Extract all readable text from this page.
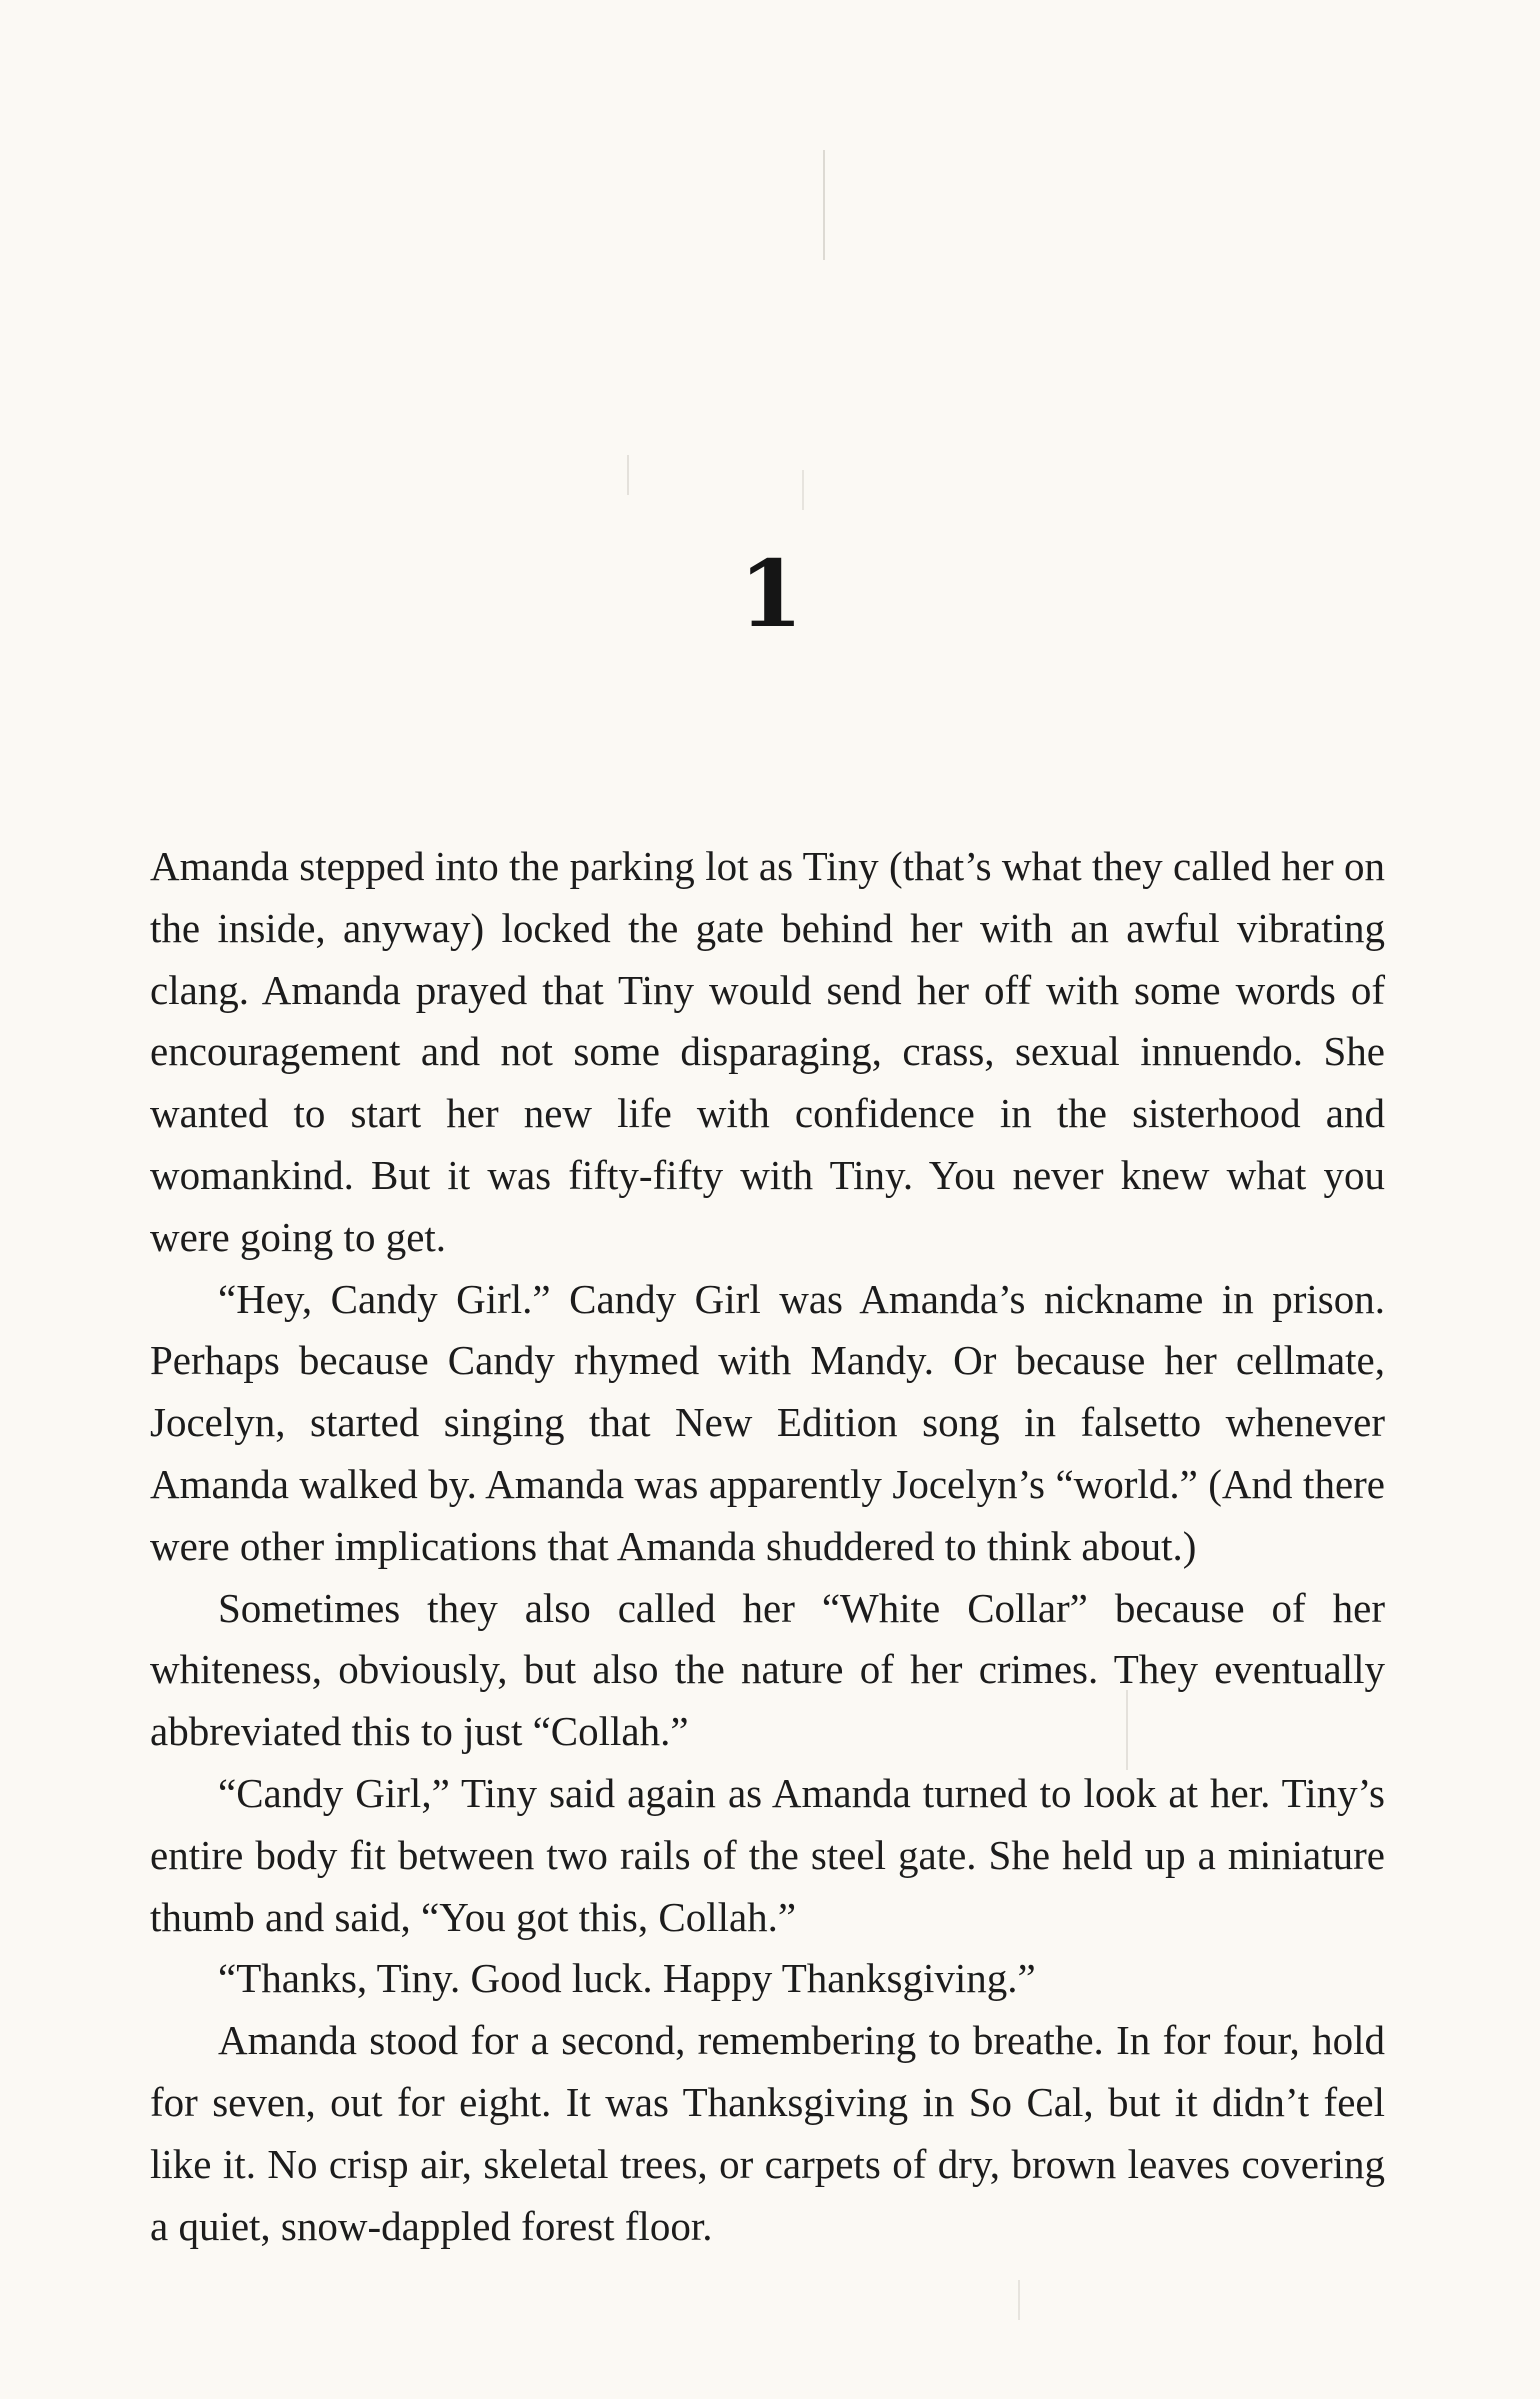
1

Amanda stepped into the parking lot as Tiny (that’s what they called her on the inside, anyway) locked the gate behind her with an awful vibrating clang. Amanda prayed that Tiny would send her off with some words of encouragement and not some disparaging, crass, sexual innuendo. She wanted to start her new life with confidence in the sisterhood and womankind. But it was fifty-fifty with Tiny. You never knew what you were going to get.

“Hey, Candy Girl.” Candy Girl was Amanda’s nickname in prison. Perhaps because Candy rhymed with Mandy. Or because her cellmate, Jocelyn, started singing that New Edition song in falsetto whenever Amanda walked by. Amanda was apparently Jocelyn’s “world.” (And there were other implications that Amanda shuddered to think about.)

Sometimes they also called her “White Collar” because of her whiteness, obviously, but also the nature of her crimes. They eventually abbreviated this to just “Collah.”

“Candy Girl,” Tiny said again as Amanda turned to look at her. Tiny’s entire body fit between two rails of the steel gate. She held up a miniature thumb and said, “You got this, Collah.”

“Thanks, Tiny. Good luck. Happy Thanksgiving.”

Amanda stood for a second, remembering to breathe. In for four, hold for seven, out for eight. It was Thanksgiving in So Cal, but it didn’t feel like it. No crisp air, skeletal trees, or carpets of dry, brown leaves covering a quiet, snow-dappled forest floor.
